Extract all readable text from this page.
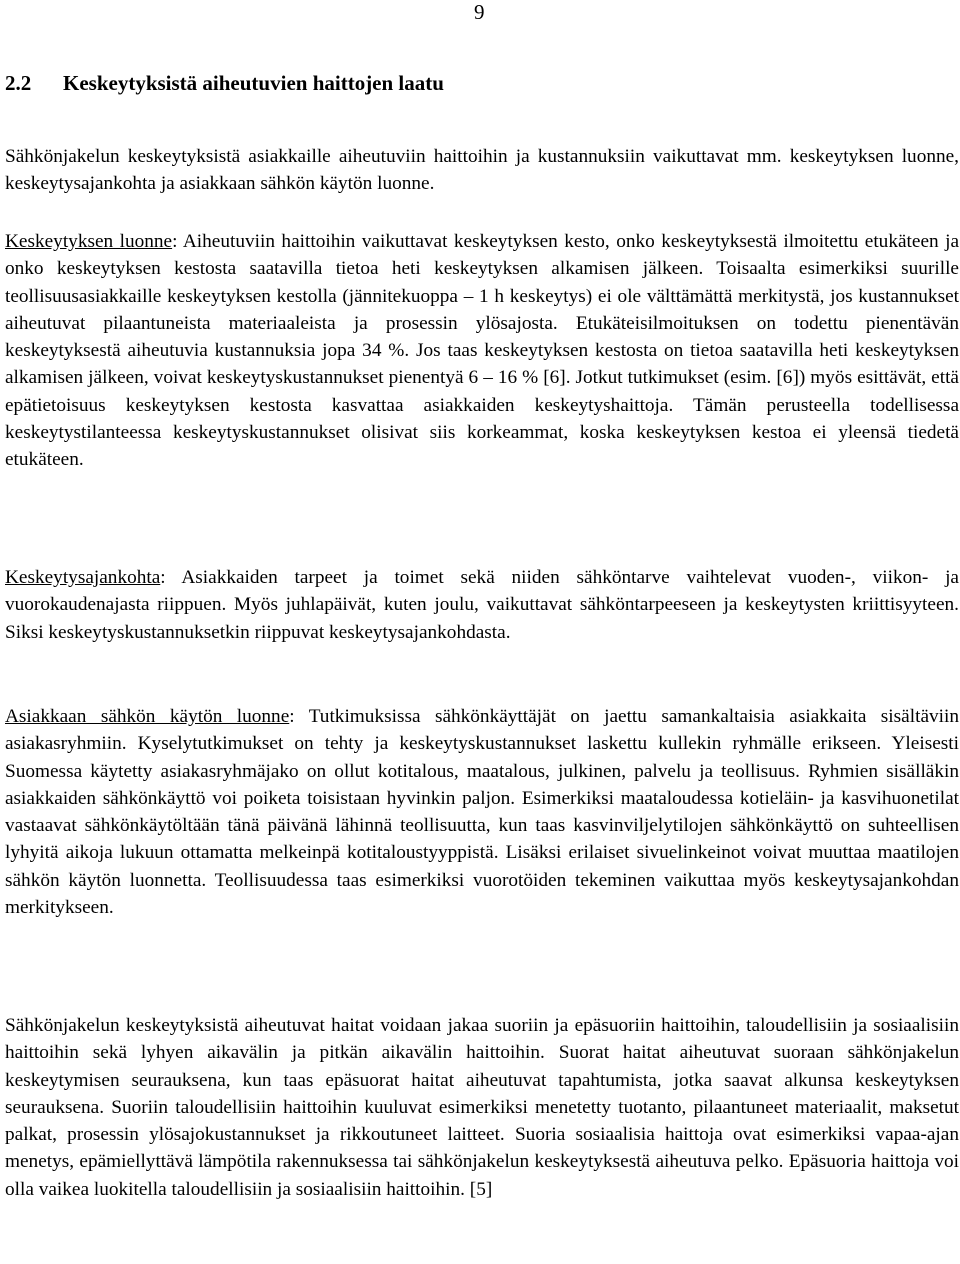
9
2.2 Keskeytyksistä aiheutuvien haittojen laatu

Sähkönjakelun keskeytyksistä asiakkaille aiheutuviin haittoihin ja kustannuksiin vaikuttavat mm. keskeytyksen luonne, keskeytysajankohta ja asiakkaan sähkön käytön luonne.

Keskeytyksen luonne: Aiheutuviin haittoihin vaikuttavat keskeytyksen kesto, onko keskeytyksestä ilmoitettu etukäteen ja onko keskeytyksen kestosta saatavilla tietoa heti keskeytyksen alkamisen jälkeen. Toisaalta esimerkiksi suurille teollisuusasiakkaille keskeytyksen kestolla (jännitekuoppa – 1 h keskeytys) ei ole välttämättä merkitystä, jos kustannukset aiheutuvat pilaantuneista materiaaleista ja prosessin ylösajosta. Etukäteisilmoituksen on todettu pienentävän keskeytyksestä aiheutuvia kustannuksia jopa 34 %. Jos taas keskeytyksen kestosta on tietoa saatavilla heti keskeytyksen alkamisen jälkeen, voivat keskeytyskustannukset pienentyä 6 – 16 % [6]. Jotkut tutkimukset (esim. [6]) myös esittävät, että epätietoisuus keskeytyksen kestosta kasvattaa asiakkaiden keskeytyshaittoja. Tämän perusteella todellisessa keskeytystilanteessa keskeytyskustannukset olisivat siis korkeammat, koska keskeytyksen kestoa ei yleensä tiedetä etukäteen.

Keskeytysajankohta: Asiakkaiden tarpeet ja toimet sekä niiden sähköntarve vaihtelevat vuoden-, viikon- ja vuorokaudenajasta riippuen. Myös juhlapäivät, kuten joulu, vaikuttavat sähköntarpeeseen ja keskeytysten kriittisyyteen. Siksi keskeytyskustannuksetkin riippuvat keskeytysajankohdasta.

Asiakkaan sähkön käytön luonne: Tutkimuksissa sähkönkäyttäjät on jaettu samankaltaisia asiakkaita sisältäviin asiakasryhmiin. Kyselytutkimukset on tehty ja keskeytyskustannukset laskettu kullekin ryhmälle erikseen. Yleisesti Suomessa käytetty asiakasryhmäjako on ollut kotitalous, maatalous, julkinen, palvelu ja teollisuus. Ryhmien sisälläkin asiakkaiden sähkönkäyttö voi poiketa toisistaan hyvinkin paljon. Esimerkiksi maataloudessa kotieläin- ja kasvihuonetilat vastaavat sähkönkäytöltään tänä päivänä lähinnä teollisuutta, kun taas kasvinviljelytilojen sähkönkäyttö on suhteellisen lyhyitä aikoja lukuun ottamatta melkeinpä kotitaloustyyppistä. Lisäksi erilaiset sivuelinkeinot voivat muuttaa maatilojen sähkön käytön luonnetta. Teollisuudessa taas esimerkiksi vuorotöiden tekeminen vaikuttaa myös keskeytysajankohdan merkitykseen.

Sähkönjakelun keskeytyksistä aiheutuvat haitat voidaan jakaa suoriin ja epäsuoriin haittoihin, taloudellisiin ja sosiaalisiin haittoihin sekä lyhyen aikavälin ja pitkän aikavälin haittoihin. Suorat haitat aiheutuvat suoraan sähkönjakelun keskeytymisen seurauksena, kun taas epäsuorat haitat aiheutuvat tapahtumista, jotka saavat alkunsa keskeytyksen seurauksena. Suoriin taloudellisiin haittoihin kuuluvat esimerkiksi menetetty tuotanto, pilaantuneet materiaalit, maksetut palkat, prosessin ylösajokustannukset ja rikkoutuneet laitteet. Suoria sosiaalisia haittoja ovat esimerkiksi vapaa-ajan menetys, epämiellyttävä lämpötila rakennuksessa tai sähkönjakelun keskeytyksestä aiheutuva pelko. Epäsuoria haittoja voi olla vaikea luokitella taloudellisiin ja sosiaalisiin haittoihin. [5]
